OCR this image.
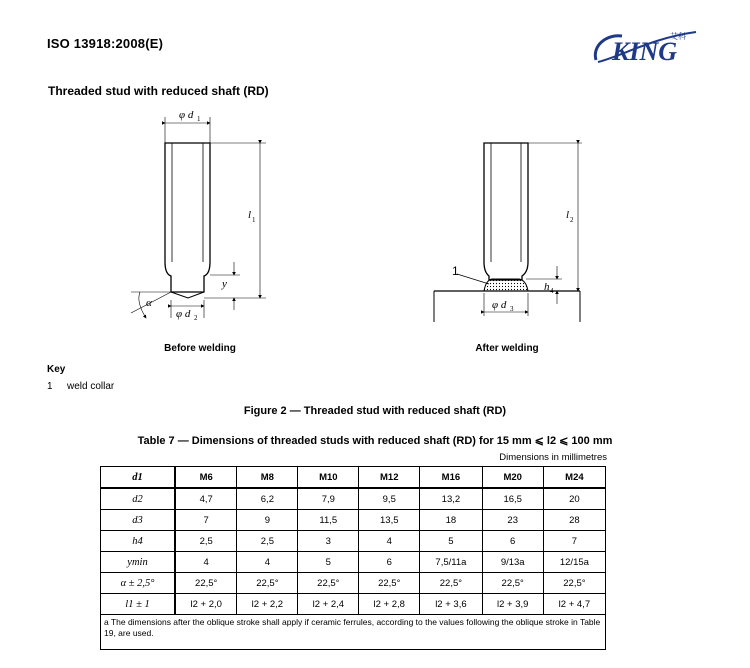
ISO 13918:2008(E)	KING
艾科
Threaded stud with reduced shaft (RD)
φ d 1
φ d 2
l 1
y
α	φ d 3
l 2
h 4
1
Before welding	After welding
Key
1 weld collar
Figure 2 — Threaded stud with reduced shaft (RD)
Table 7 — Dimensions of threaded studs with reduced shaft (RD) for 15 mm ⩽ l2 ⩽ 100 mm
Dimensions in millimetres
d1	M6	M8	M10	M12	M16	M20	M24
d2	4,7	6,2	7,9	9,5	13,2	16,5	20
d3	7	9	11,5	13,5	18	23	28
h4	2,5	2,5	3	4	5	6	7
ymin	4	4	5	6	7,5/11a	9/13a	12/15a
α ± 2,5°	22,5°	22,5°	22,5°	22,5°	22,5°	22,5°	22,5°
l1 ± 1	l2 + 2,0	l2 + 2,2	l2 + 2,4	l2 + 2,8	l2 + 3,6	l2 + 3,9	l2 + 4,7
a The dimensions after the oblique stroke shall apply if ceramic ferrules, according to the values following the oblique stroke in Table 19, are used.							
